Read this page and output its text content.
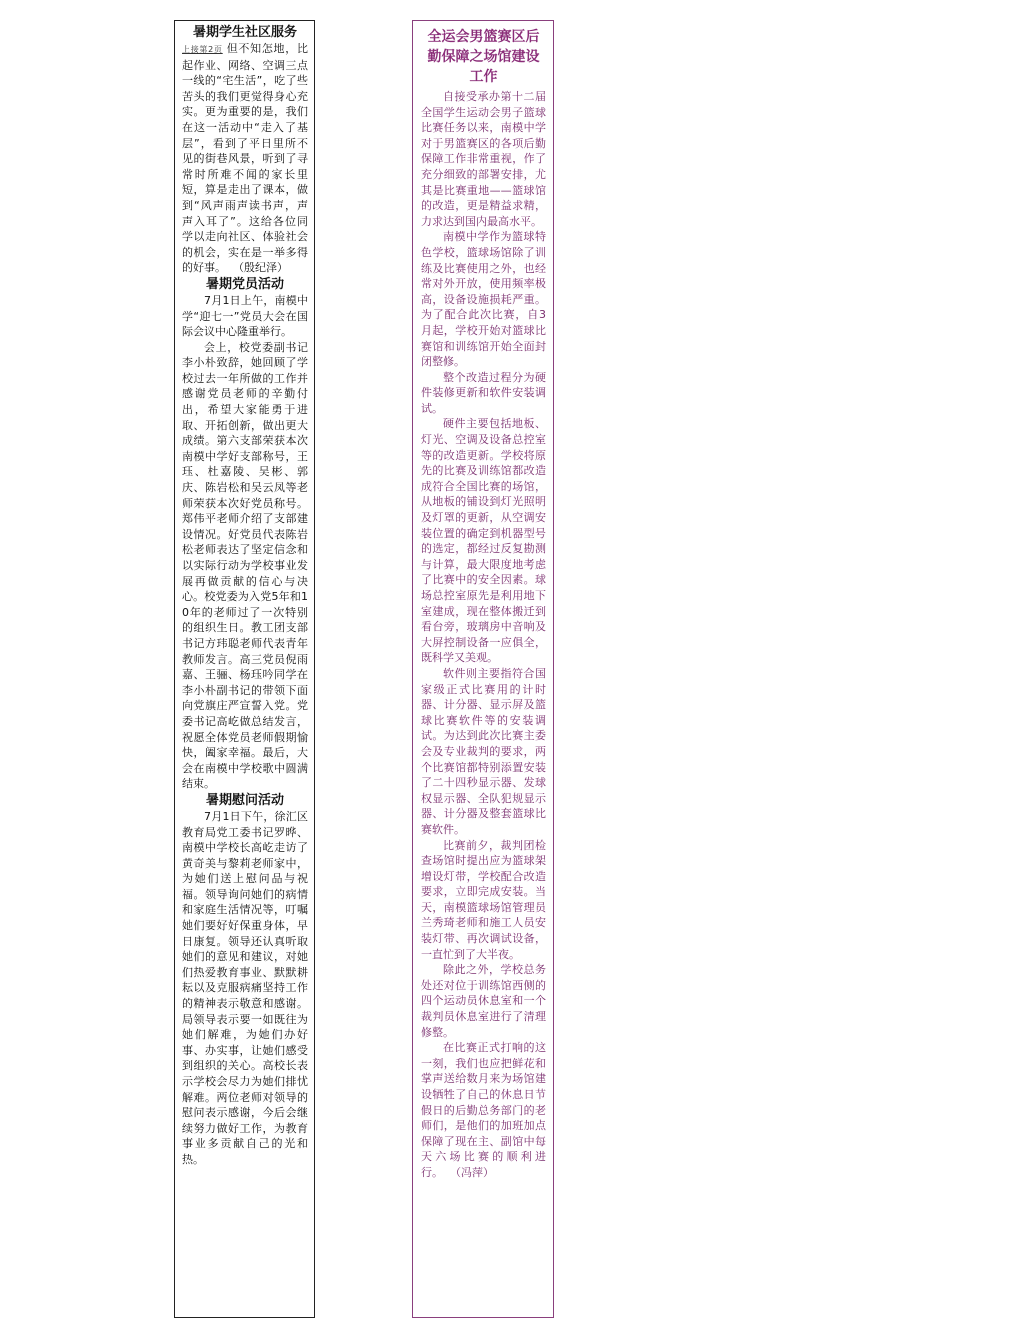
暑期学生社区服务

上接第2页 但不知怎地，比起作业、网络、空调三点一线的“宅生活”，吃了些苦头的我们更觉得身心充实。更为重要的是，我们在这一活动中“走入了基层”，看到了平日里所不见的街巷风景，听到了寻常时所难不闻的家长里短，算是走出了课本，做到“风声雨声读书声，声声入耳了”。这给各位同学以走向社区、体验社会的机会，实在是一举多得的好事。 （殷纪泽）

暑期党员活动

7月1日上午，南模中学“迎七一”党员大会在国际会议中心隆重举行。

会上，校党委副书记李小朴致辞，她回顾了学校过去一年所做的工作并感谢党员老师的辛勤付出，希望大家能勇于进取、开拓创新，做出更大成绩。第六支部荣获本次南模中学好支部称号，王珏、杜嘉陵、吴彬、郭庆、陈岩松和吴云凤等老师荣获本次好党员称号。郑伟平老师介绍了支部建设情况。好党员代表陈岩松老师表达了坚定信念和以实际行动为学校事业发展再做贡献的信心与决心。校党委为入党5年和10年的老师过了一次特别的组织生日。教工团支部书记方玮聪老师代表青年教师发言。高三党员倪雨嘉、王骊、杨珏吟同学在李小朴副书记的带领下面向党旗庄严宣誓入党。党委书记高屹做总结发言，祝愿全体党员老师假期愉快，阖家幸福。最后，大会在南模中学校歌中圆满结束。

暑期慰问活动

7月1日下午，徐汇区教育局党工委书记罗晔、南模中学校长高屹走访了黄奇美与黎莉老师家中，为她们送上慰问品与祝福。领导询问她们的病情和家庭生活情况等，叮嘱她们要好好保重身体，早日康复。领导还认真听取她们的意见和建议，对她们热爱教育事业、默默耕耘以及克服病痛坚持工作的精神表示敬意和感谢。局领导表示要一如既往为她们解难，为她们办好事、办实事，让她们感受到组织的关心。高校长表示学校会尽力为她们排忧解难。两位老师对领导的慰问表示感谢，今后会继续努力做好工作，为教育事业多贡献自己的光和热。

全运会男篮赛区后勤保障之场馆建设工作

自接受承办第十二届全国学生运动会男子篮球比赛任务以来，南模中学对于男篮赛区的各项后勤保障工作非常重视，作了充分细致的部署安排，尤其是比赛重地——篮球馆的改造，更是精益求精，力求达到国内最高水平。

南模中学作为篮球特色学校，篮球场馆除了训练及比赛使用之外，也经常对外开放，使用频率极高，设备设施损耗严重。为了配合此次比赛，自3月起，学校开始对篮球比赛馆和训练馆开始全面封闭整修。

整个改造过程分为硬件装修更新和软件安装调试。

硬件主要包括地板、灯光、空调及设备总控室等的改造更新。学校将原先的比赛及训练馆都改造成符合全国比赛的场馆，从地板的铺设到灯光照明及灯罩的更新，从空调安装位置的确定到机器型号的选定，都经过反复勘测与计算，最大限度地考虑了比赛中的安全因素。球场总控室原先是利用地下室建成，现在整体搬迁到看台旁，玻璃房中音响及大屏控制设备一应俱全，既科学又美观。

软件则主要指符合国家级正式比赛用的计时器、计分器、显示屏及篮球比赛软件等的安装调试。为达到此次比赛主委会及专业裁判的要求，两个比赛馆都特别添置安装了二十四秒显示器、发球权显示器、全队犯规显示器、计分器及整套篮球比赛软件。

比赛前夕，裁判团检查场馆时提出应为篮球架增设灯带，学校配合改造要求，立即完成安装。当天，南模篮球场馆管理员兰秀琦老师和施工人员安装灯带、再次调试设备，一直忙到了大半夜。

除此之外，学校总务处还对位于训练馆西侧的四个运动员休息室和一个裁判员休息室进行了清理修整。

在比赛正式打响的这一刻，我们也应把鲜花和掌声送给数月来为场馆建设牺牲了自己的休息日节假日的后勤总务部门的老师们，是他们的加班加点保障了现在主、副馆中每天六场比赛的顺利进行。 （冯萍）
